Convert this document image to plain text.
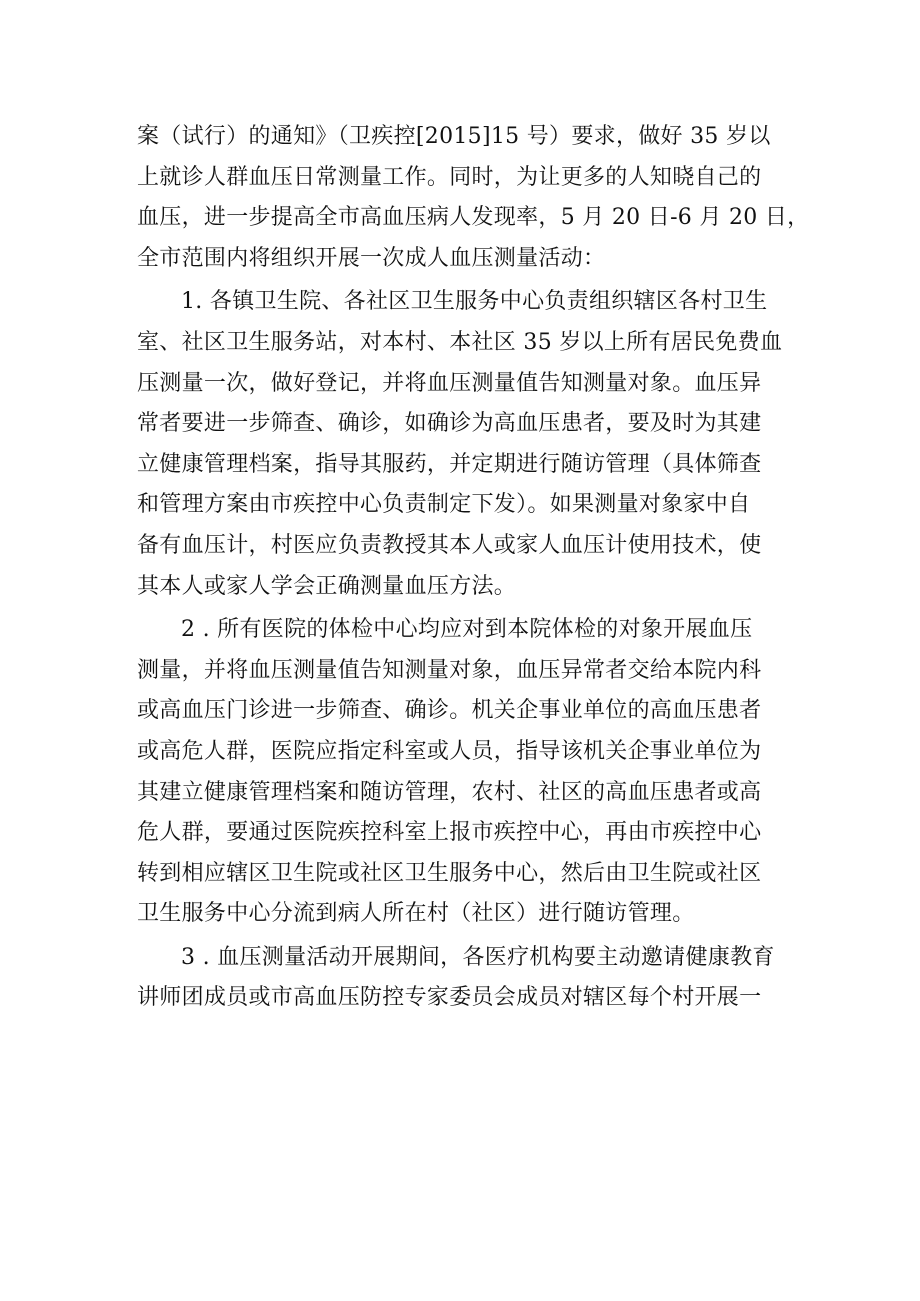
案（试行）的通知》（卫疾控[2015]15 号）要求，做好 35 岁以
上就诊人群血压日常测量工作。同时，为让更多的人知晓自己的
血压，进一步提高全市高血压病人发现率，5 月 20 日-6 月 20 日，
全市范围内将组织开展一次成人血压测量活动：
1. 各镇卫生院、各社区卫生服务中心负责组织辖区各村卫生
室、社区卫生服务站，对本村、本社区 35 岁以上所有居民免费血
压测量一次，做好登记，并将血压测量值告知测量对象。血压异
常者要进一步筛查、确诊，如确诊为高血压患者，要及时为其建
立健康管理档案，指导其服药，并定期进行随访管理（具体筛查
和管理方案由市疾控中心负责制定下发）。如果测量对象家中自
备有血压计，村医应负责教授其本人或家人血压计使用技术，使
其本人或家人学会正确测量血压方法。
2 . 所有医院的体检中心均应对到本院体检的对象开展血压
测量，并将血压测量值告知测量对象，血压异常者交给本院内科
或高血压门诊进一步筛查、确诊。机关企事业单位的高血压患者
或高危人群，医院应指定科室或人员，指导该机关企事业单位为
其建立健康管理档案和随访管理，农村、社区的高血压患者或高
危人群，要通过医院疾控科室上报市疾控中心，再由市疾控中心
转到相应辖区卫生院或社区卫生服务中心，然后由卫生院或社区
卫生服务中心分流到病人所在村（社区）进行随访管理。
3 . 血压测量活动开展期间，各医疗机构要主动邀请健康教育
讲师团成员或市高血压防控专家委员会成员对辖区每个村开展一
